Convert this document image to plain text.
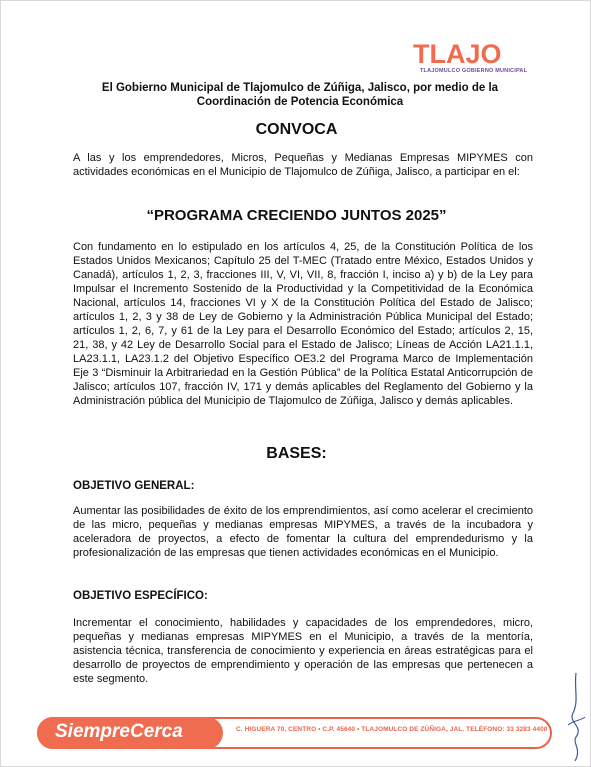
TLAJO
TLAJOMULCO GOBIERNO MUNICIPAL
El Gobierno Municipal de Tlajomulco de Zúñiga, Jalisco, por medio de la
Coordinación de Potencia Económica
CONVOCA
A las y los emprendedores, Micros, Pequeñas y Medianas Empresas MIPYMES con actividades económicas en el Municipio de Tlajomulco de Zúñiga, Jalisco, a participar en el:
“PROGRAMA CRECIENDO JUNTOS 2025”
Con fundamento en lo estipulado en los artículos 4, 25, de la Constitución Política de los Estados Unidos Mexicanos; Capítulo 25 del T-MEC (Tratado entre México, Estados Unidos y Canadá), artículos 1, 2, 3, fracciones III, V, VI, VII, 8, fracción I, inciso a) y b) de la Ley para Impulsar el Incremento Sostenido de la Productividad y la Competitividad de la Económica Nacional, artículos 14, fracciones VI y X de la Constitución Política del Estado de Jalisco; artículos 1, 2, 3 y 38 de Ley de Gobierno y la Administración Pública Municipal del Estado; artículos 1, 2, 6, 7, y 61 de la Ley para el Desarrollo Económico del Estado; artículos 2, 15, 21, 38, y 42 Ley de Desarrollo Social para el Estado de Jalisco; Líneas de Acción LA21.1.1, LA23.1.1, LA23.1.2 del Objetivo Específico OE3.2 del Programa Marco de Implementación Eje 3 “Disminuir la Arbitrariedad en la Gestión Pública” de la Política Estatal Anticorrupción de Jalisco; artículos 107, fracción IV, 171 y demás aplicables del Reglamento del Gobierno y la Administración pública del Municipio de Tlajomulco de Zúñiga, Jalisco y demás aplicables.
BASES:
OBJETIVO GENERAL:
Aumentar las posibilidades de éxito de los emprendimientos, así como acelerar el crecimiento de las micro, pequeñas y medianas empresas MIPYMES, a través de la incubadora y aceleradora de proyectos, a efecto de fomentar la cultura del emprendedurismo y la profesionalización de las empresas que tienen actividades económicas en el Municipio.
OBJETIVO ESPECÍFICO:
Incrementar el conocimiento, habilidades y capacidades de los emprendedores, micro, pequeñas y medianas empresas MIPYMES en el Municipio, a través de la mentoría, asistencia técnica, transferencia de conocimiento y experiencia en áreas estratégicas para el desarrollo de proyectos de emprendimiento y operación de las empresas que pertenecen a este segmento.
SiempreCerca	C. HIGUERA 70, CENTRO • C.P. 45640 • TLAJOMULCO DE ZÚÑIGA, JAL. TELÉFONO: 33 3283 4400
